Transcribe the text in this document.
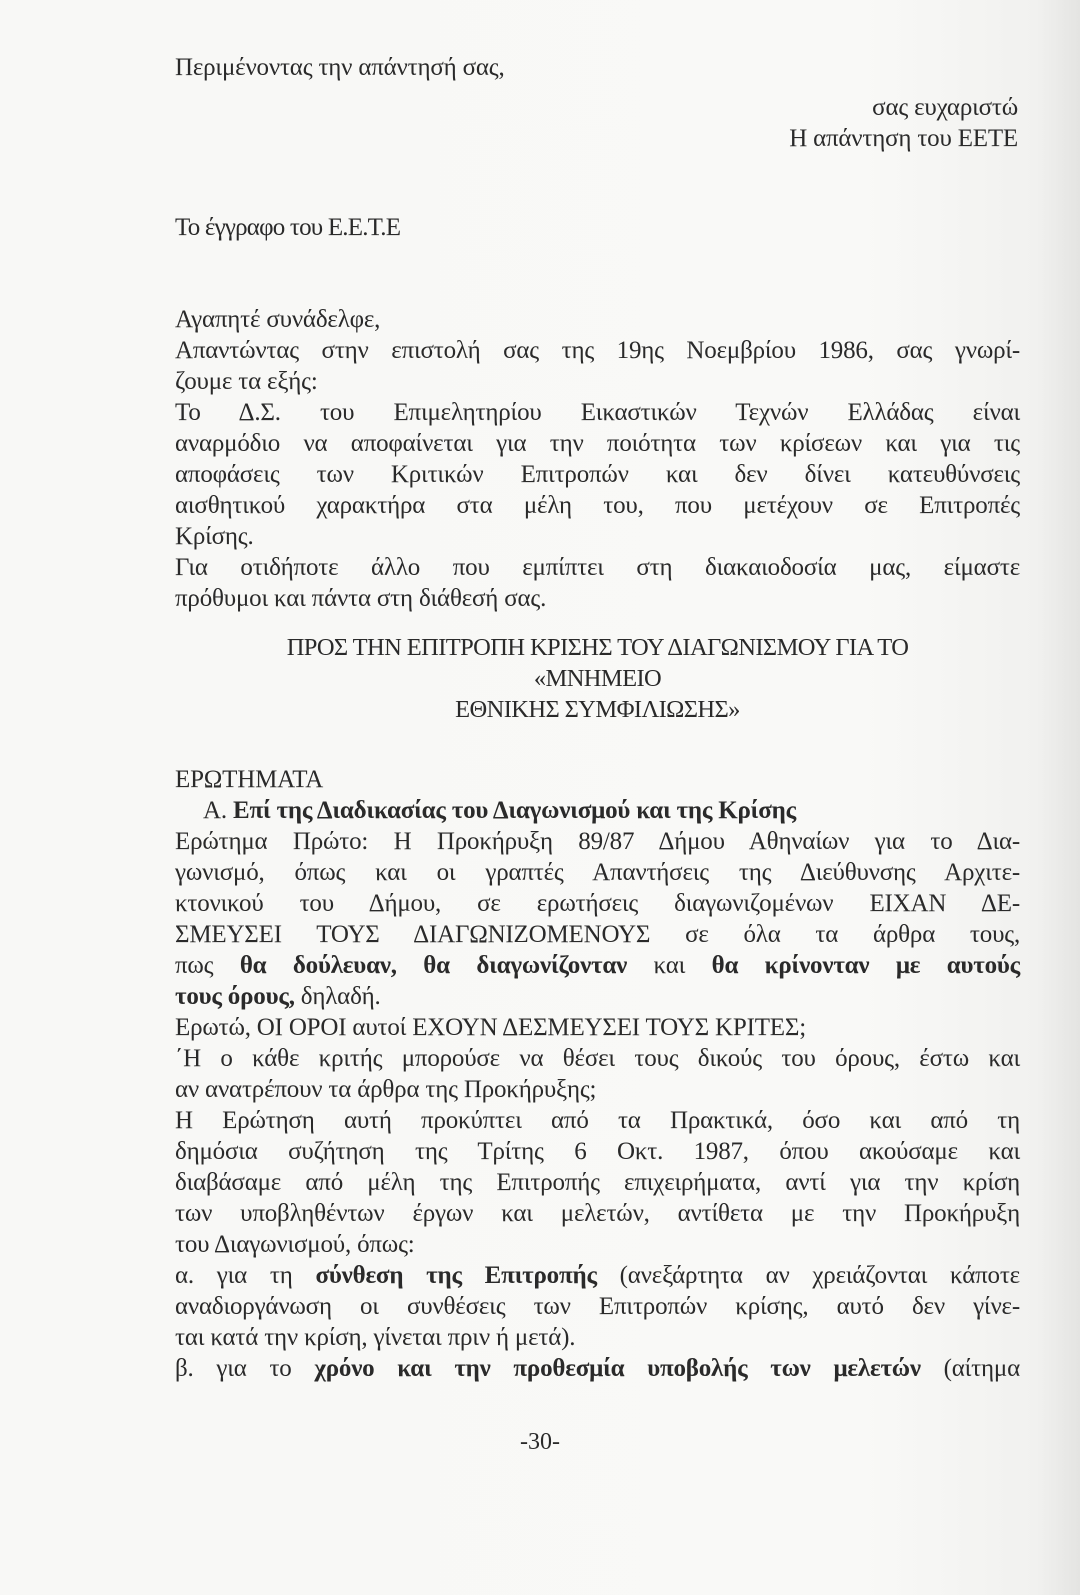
Περιμένοντας την απάντησή σας,
σας ευχαριστώ
Η απάντηση του ΕΕΤΕ
Το έγγραφο του Ε.Ε.Τ.Ε
Αγαπητέ συνάδελφε,
Απαντώντας στην επιστολή σας της 19ης Νοεμβρίου 1986, σας γνωρί-
ζουμε τα εξής:
Το Δ.Σ. του Επιμελητηρίου Εικαστικών Τεχνών Ελλάδας είναι
αναρμόδιο να αποφαίνεται για την ποιότητα των κρίσεων και για τις
αποφάσεις των Κριτικών Επιτροπών και δεν δίνει κατευθύνσεις
αισθητικού χαρακτήρα στα μέλη του, που μετέχουν σε Επιτροπές
Κρίσης.
Για οτιδήποτε άλλο που εμπίπτει στη διακαιοδοσία μας, είμαστε
πρόθυμοι και πάντα στη διάθεσή σας.
ΠΡΟΣ ΤΗΝ ΕΠΙΤΡΟΠΗ ΚΡΙΣΗΣ ΤΟΥ ΔΙΑΓΩΝΙΣΜΟΥ ΓΙΑ ΤΟ
«ΜΝΗΜΕΙΟ
ΕΘΝΙΚΗΣ ΣΥΜΦΙΛΙΩΣΗΣ»
ΕΡΩΤΗΜΑΤΑ
Α. Επί της Διαδικασίας του Διαγωνισμού και της Κρίσης
Ερώτημα Πρώτο: Η Προκήρυξη 89/87 Δήμου Αθηναίων για το Δια-
γωνισμό, όπως και οι γραπτές Απαντήσεις της Διεύθυνσης Αρχιτε-
κτονικού του Δήμου, σε ερωτήσεις διαγωνιζομένων ΕΙΧΑΝ ΔΕ-
ΣΜΕΥΣΕΙ ΤΟΥΣ ΔΙΑΓΩΝΙΖΟΜΕΝΟΥΣ σε όλα τα άρθρα τους,
πως θα δούλευαν, θα διαγωνίζονταν και θα κρίνονταν με αυτούς
τους όρους, δηλαδή.
Ερωτώ, ΟΙ ΟΡΟΙ αυτοί ΕΧΟΥΝ ΔΕΣΜΕΥΣΕΙ ΤΟΥΣ ΚΡΙΤΕΣ;
΄Η ο κάθε κριτής μπορούσε να θέσει τους δικούς του όρους, έστω και
αν ανατρέπουν τα άρθρα της Προκήρυξης;
Η Ερώτηση αυτή προκύπτει από τα Πρακτικά, όσο και από τη
δημόσια συζήτηση της Τρίτης 6 Οκτ. 1987, όπου ακούσαμε και
διαβάσαμε από μέλη της Επιτροπής επιχειρήματα, αντί για την κρίση
των υποβληθέντων έργων και μελετών, αντίθετα με την Προκήρυξη
του Διαγωνισμού, όπως:
α. για τη σύνθεση της Επιτροπής (ανεξάρτητα αν χρειάζονται κάποτε
αναδιοργάνωση οι συνθέσεις των Επιτροπών κρίσης, αυτό δεν γίνε-
ται κατά την κρίση, γίνεται πριν ή μετά).
β. για το χρόνο και την προθεσμία υποβολής των μελετών (αίτημα
-30-
